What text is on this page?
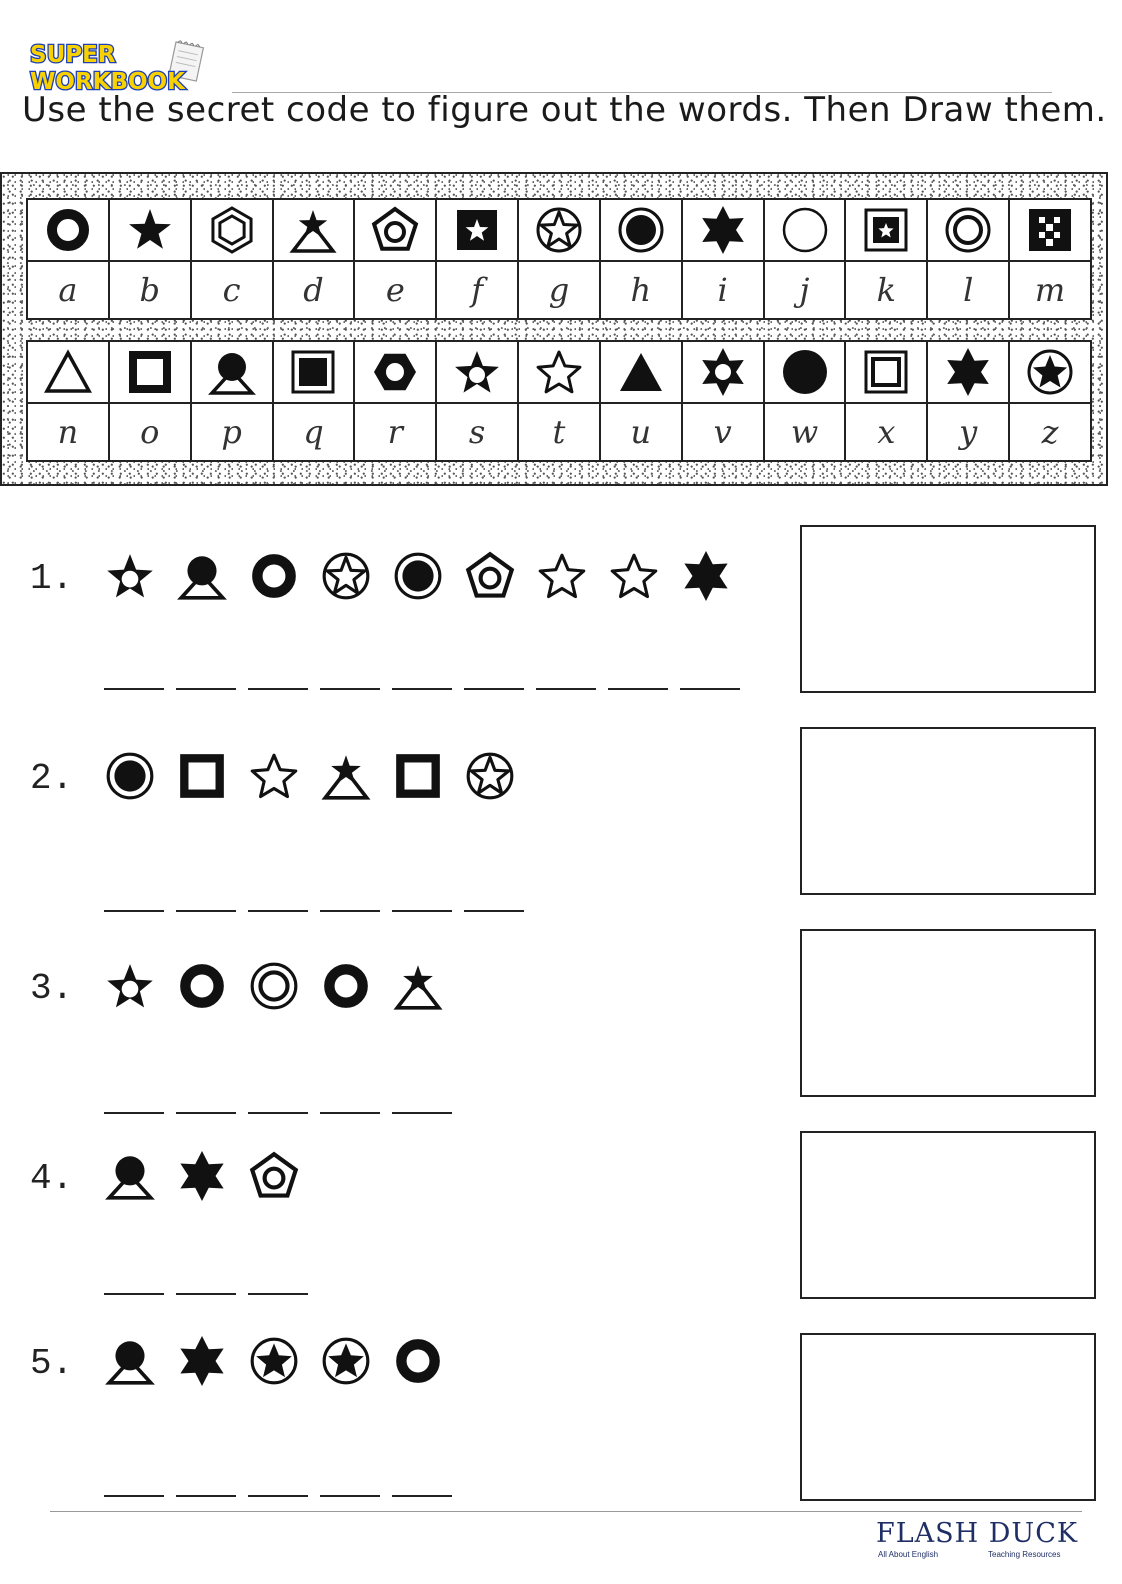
SUPER
WORKBOOK
Use the secret code to figure out the words. Then Draw them.

a	b	c	d	e	f	g	h	i	j	k	l	m

n	o	p	q	r	s	t	u	v	w	x	y	z
1.
2.
3.
4.
5.
FLASH DUCK
All About English	Teaching Resources
